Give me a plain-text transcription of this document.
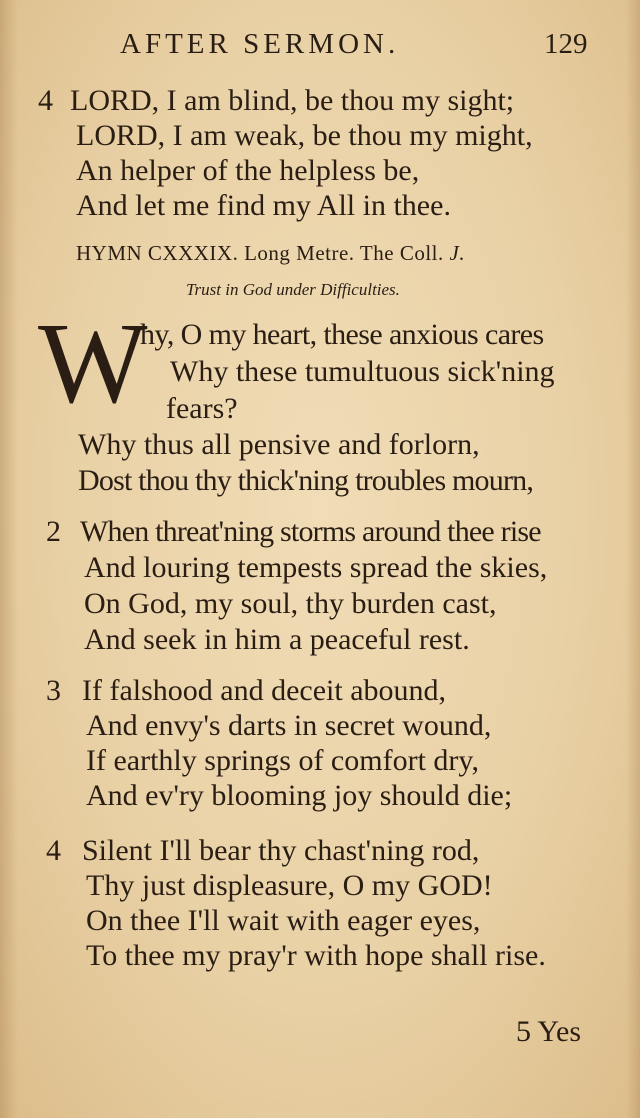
AFTER SERMON.	129
4 LORD, I am blind, be thou my sight;
LORD, I am weak, be thou my might,
An helper of the helpless be,
And let me find my All in thee.
HYMN CXXXIX. Long Metre. The Coll. J.
Trust in God under Difficulties.
W
hy, O my heart, these anxious cares
Why these tumultuous sick'ning
fears?
Why thus all pensive and forlorn,
Dost thou thy thick'ning troubles mourn,
2 When threat'ning storms around thee rise
And louring tempests spread the skies,
On God, my soul, thy burden cast,
And seek in him a peaceful rest.
3 If falshood and deceit abound,
And envy's darts in secret wound,
If earthly springs of comfort dry,
And ev'ry blooming joy should die;
4 Silent I'll bear thy chast'ning rod,
Thy just displeasure, O my GOD!
On thee I'll wait with eager eyes,
To thee my pray'r with hope shall rise.
5 Yes
